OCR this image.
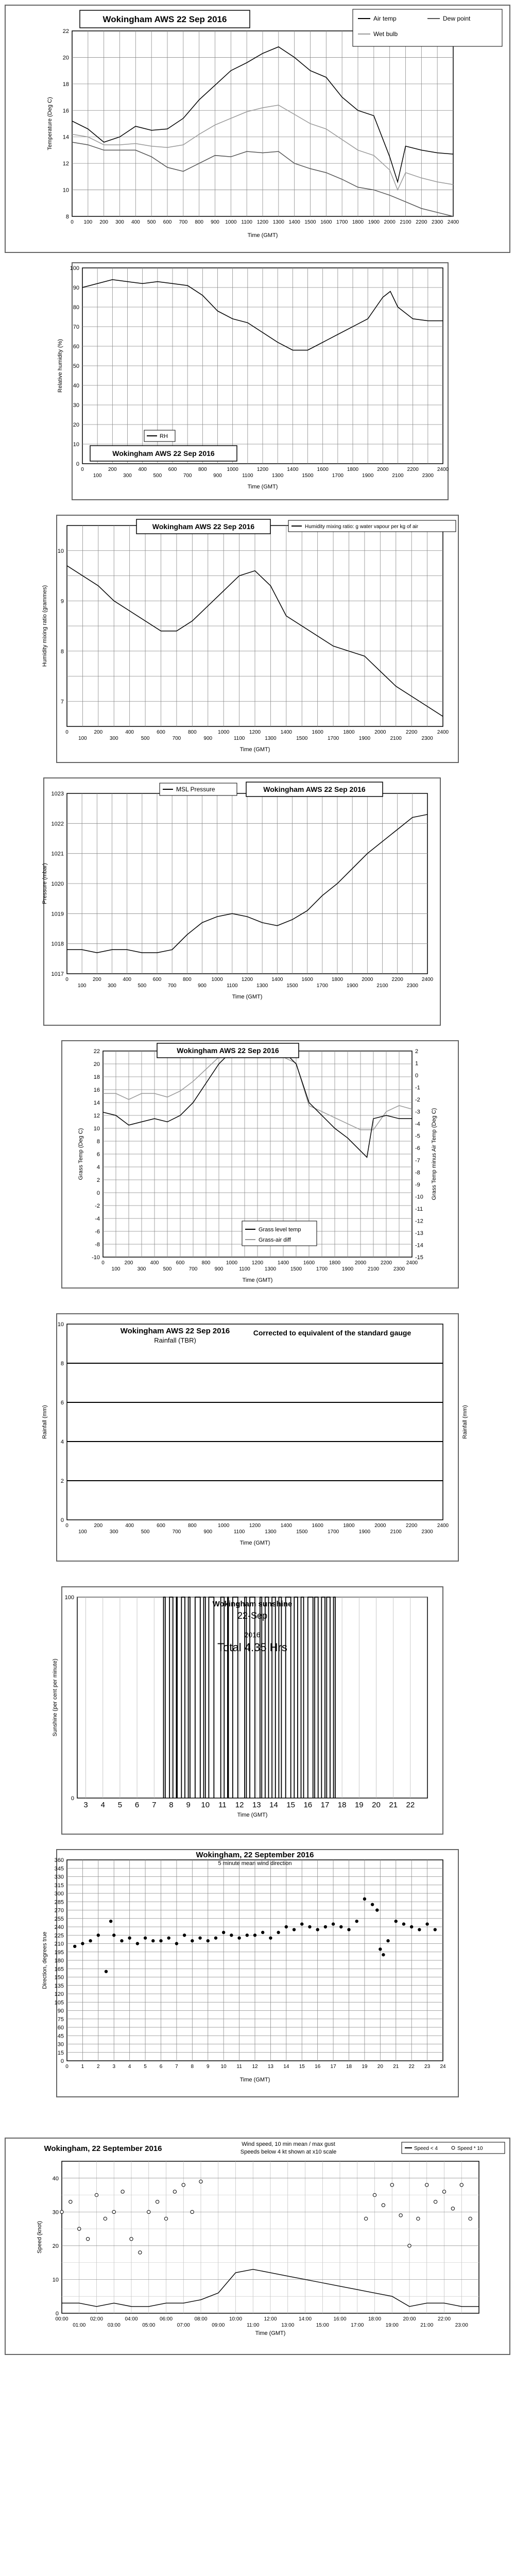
8
10
12
14
16
18
20
22
0 100 200 300 400 500 600 700 800 900 1000 1100 1200 1300 1400 1500 1600 1700 1800 1900 2000 2100 2200 2300 2400
Time (GMT)
Temperature (Deg C)
Wokingham AWS 22 Sep 2016	Air temp	Dew point
Wet bulb
0
10
20
30
40
50
60
70
80
90
100
0	200	400	600	800	1000	1200	1400	1600	1800	2000	2200	2400
100	300	500	700	900	1100	1300	1500	1700	1900	2100	2300
Time (GMT)
Relative humidity (%)
Wokingham AWS 22 Sep 2016
RH
7
8
9
10
0	200	400	600	800	1000	1200	1400	1600	1800	2000	2200	2400
100	300	500	700	900	1100	1300	1500	1700	1900	2100	2300
Time (GMT)
Humidity mixing ratio (grammes)
Wokingham AWS 22 Sep 2016	Humidity mixing ratio: g water vapour per kg of air
1017
1018
1019
1020
1021
1022
1023
0	200	400	600	800	1000	1200	1400	1600	1800	2000	2200	2400
100	300	500	700	900	1100	1300	1500	1700	1900	2100	2300
Time (GMT)
Pressure (mbar)
MSL Pressure	Wokingham AWS 22 Sep 2016
-10
-8
-6
-4
-2
0
2
4
6
8
10
12
14
16
18
20
22
-15
-14
-13
-12
-11
-10
-9
-8
-7
-6
-5
-4
-3
-2
-1
0
1
2
0	200	400	600	800	1000	1200	1400	1600	1800	2000	2200	2400
100	300	500	700	900	1100	1300	1500	1700	1900	2100	2300
Time (GMT)
Grass Temp (Deg C)	Grass Temp minus Air Temp (Deg C)
Wokingham AWS 22 Sep 2016
Grass level temp
Grass-air diff
0
2
4
6
8
10
0	200	400	600	800	1000	1200	1400	1600	1800	2000	2200	2400
100	300	500	700	900	1100	1300	1500	1700	1900	2100	2300
Time (GMT)
Rainfall (mm)	Rainfall (mm)
Wokingham AWS 22 Sep 2016
Rainfall (TBR)
Corrected to equivalent of the standard gauge
0
100
3 4 5 6 7 8 9 10 11 12 13 14 15 16 17 18 19 20 21 22
Time (GMT)
Sunshine (per cent per minute)
Wokingham sunshine
22-Sep
2016
Total 4.35 Hrs
0
15
30
45
60
75
90
105
120
135
150
165
180
195
210
225
240
255
270
285
300
315
330
345
360
0 1 2 3 4 5 6 7 8 9 10 11 12 13 14 15 16 17 18 19 20 21 22 23 24
Time (GMT)
Direction, degrees true
Wokingham, 22 September 2016
5 minute mean wind direction
0
10
20
30
40
00:00	02:00	04:00	06:00	08:00	10:00	12:00	14:00	16:00	18:00	20:00	22:00
01:00	03:00	05:00	07:00	09:00	11:00	13:00	15:00	17:00	19:00	21:00	23:00
Time (GMT)
Speed (knot)
Wokingham, 22 September 2016	Wind speed, 10 min mean / max gust
Speeds below 4 kt shown at x10 scale
Speed < 4	Speed * 10
